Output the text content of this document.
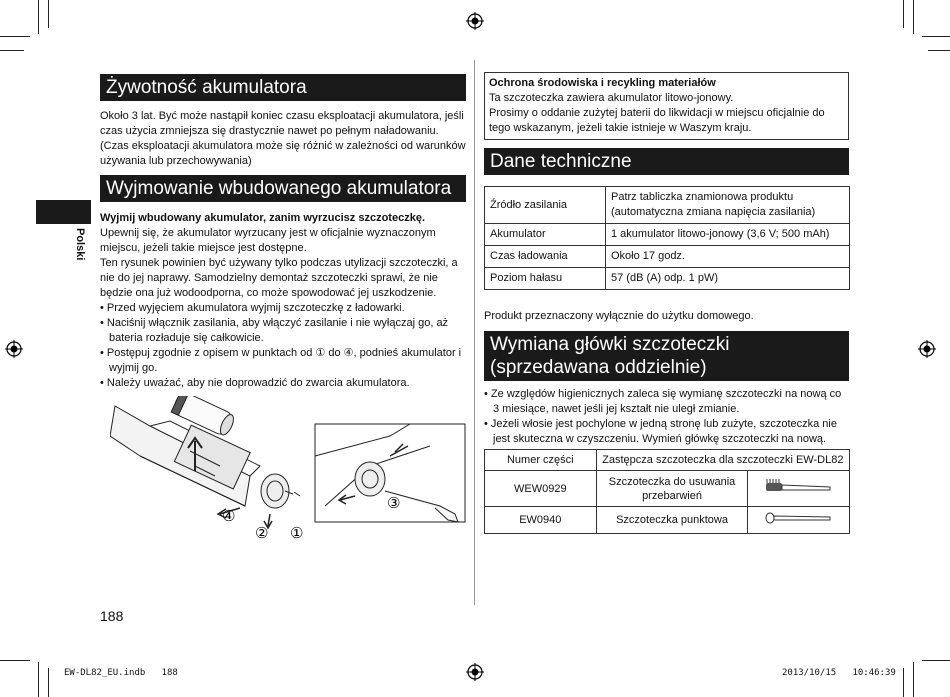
Polski
Żywotność akumulatora

Około 3 lat. Być może nastąpił koniec czasu eksploatacji akumulatora, jeśli czas użycia zmniejsza się drastycznie nawet po pełnym naładowaniu. (Czas eksploatacji akumulatora może się różnić w zależności od warunków używania lub przechowywania)

Wyjmowanie wbudowanego akumulatora

Wyjmij wbudowany akumulator, zanim wyrzucisz szczoteczkę.

Upewnij się, że akumulator wyrzucany jest w oficjalnie wyznaczonym miejscu, jeżeli takie miejsce jest dostępne.

Ten rysunek powinien być używany tylko podczas utylizacji szczoteczki, a nie do jej naprawy. Samodzielny demontaż szczoteczki sprawi, że nie będzie ona już wodoodporna, co może spowodować jej uszkodzenie.

• Przed wyjęciem akumulatora wyjmij szczoteczkę z ładowarki.
• Naciśnij włącznik zasilania, aby włączyć zasilanie i nie wyłączaj go, aż bateria rozładuje się całkowicie.
• Postępuj zgodnie z opisem w punktach od ① do ④, podnieś akumulator i wyjmij go.
• Należy uważać, aby nie doprowadzić do zwarcia akumulatora.
④
② ①
③
188
Ochrona środowiska i recykling materiałów
Ta szczoteczka zawiera akumulator litowo-jonowy.
Prosimy o oddanie zużytej baterii do likwidacji w miejscu oficjalnie do tego wskazanym, jeżeli takie istnieje w Waszym kraju.
Dane techniczne
Źródło zasilania	Patrz tabliczka znamionowa produktu (automatyczna zmiana napięcia zasilania)
Akumulator	1 akumulator litowo-jonowy (3,6 V; 500 mAh)
Czas ładowania	Około 17 godz.
Poziom hałasu	57 (dB (A) odp. 1 pW)
Produkt przeznaczony wyłącznie do użytku domowego.
Wymiana główki szczoteczki
(sprzedawana oddzielnie)
• Ze względów higienicznych zaleca się wymianę szczoteczki na nową co 3 miesiące, nawet jeśli jej kształt nie uległ zmianie.
• Jeżeli włosie jest pochylone w jedną stronę lub zużyte, szczoteczka nie jest skuteczna w czyszczeniu. Wymień główkę szczoteczki na nową.
Numer części	Zastępcza szczoteczka dla szczoteczki EW-DL82	
WEW0929	Szczoteczka do usuwania przebarwień	
EW0940	Szczoteczka punktowa	
EW-DL82_EU.indb   188	2013/10/15   10:46:39
